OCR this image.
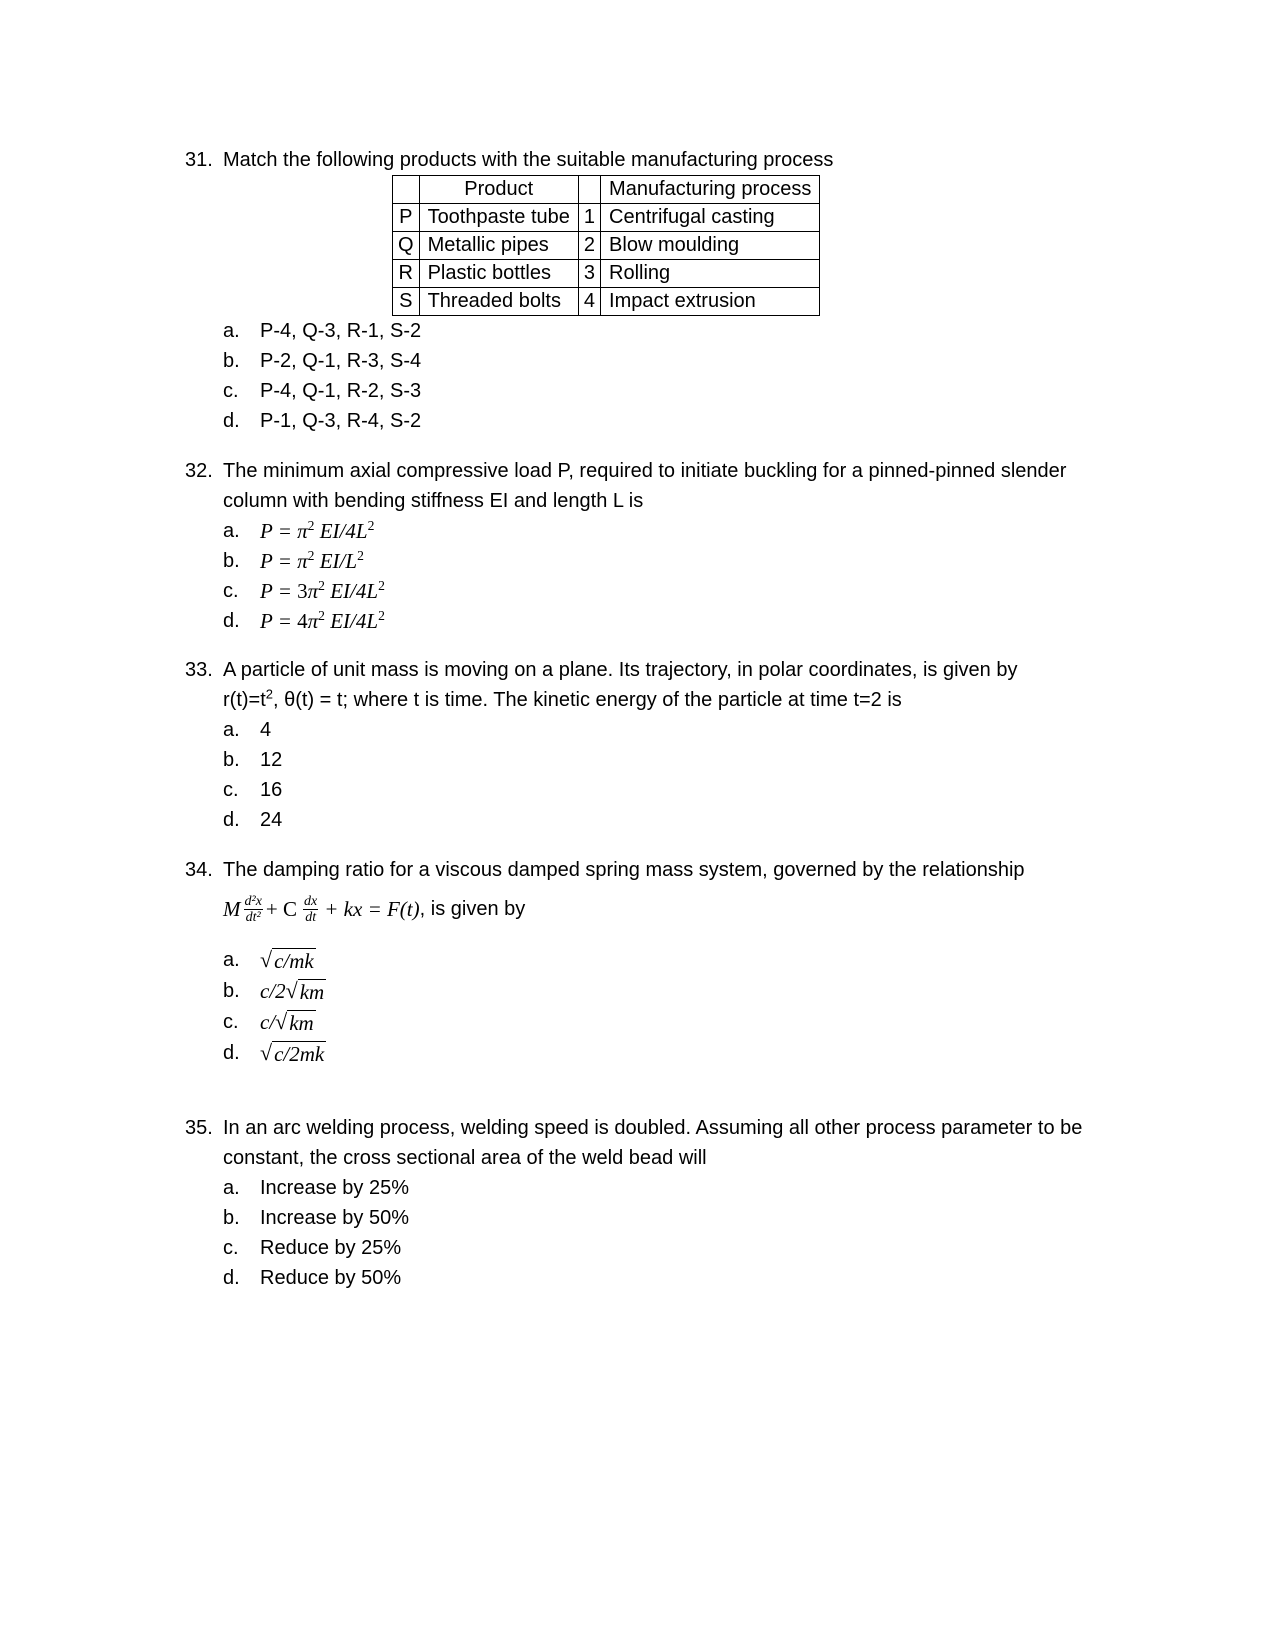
31. Match the following products with the suitable manufacturing process
	Product		Manufacturing process
P	Toothpaste tube	1	Centrifugal casting
Q	Metallic pipes	2	Blow moulding
R	Plastic bottles	3	Rolling
S	Threaded bolts	4	Impact extrusion
a.	P-4, Q-3, R-1, S-2
b.	P-2, Q-1, R-3, S-4
c.	P-4, Q-1, R-2, S-3
d.	P-1, Q-3, R-4, S-2
32. The minimum axial compressive load P, required to initiate buckling for a pinned-pinned slender column with bending stiffness EI and length L is
a. $P = \pi^2$ $EI/4L^2$
b. $P = \pi^2$ $EI/L^2$
c.	$P = 3\pi^2$ $EI/4L^2$
d. $P = 4\pi^2$ $EI/4L^2$
33. A particle of unit mass is moving on a plane. Its trajectory, in polar coordinates, is given by
$r(t)=t^2$, θ(t) = t; where t is time. The kinetic energy of the particle at time t=2 is
a.	4
b.	12
c.	16
d.	24
34. The damping ratio for a viscous damped spring mass system, governed by the relationship
M $\frac{\text{d²x}}{\text{dt²}} + C \frac{dx}{dt}$ + kx = F(t) , is given by
a. √ c/mk
b. c/2 √ km
c.	c/ √ km
d. √ c/2mk
35. In an arc welding process, welding speed is doubled. Assuming all other process parameter to be constant, the cross sectional area of the weld bead will
a.	Increase by 25%
b.	Increase by 50%
c.	Reduce by 25%
d.	Reduce by 50%
